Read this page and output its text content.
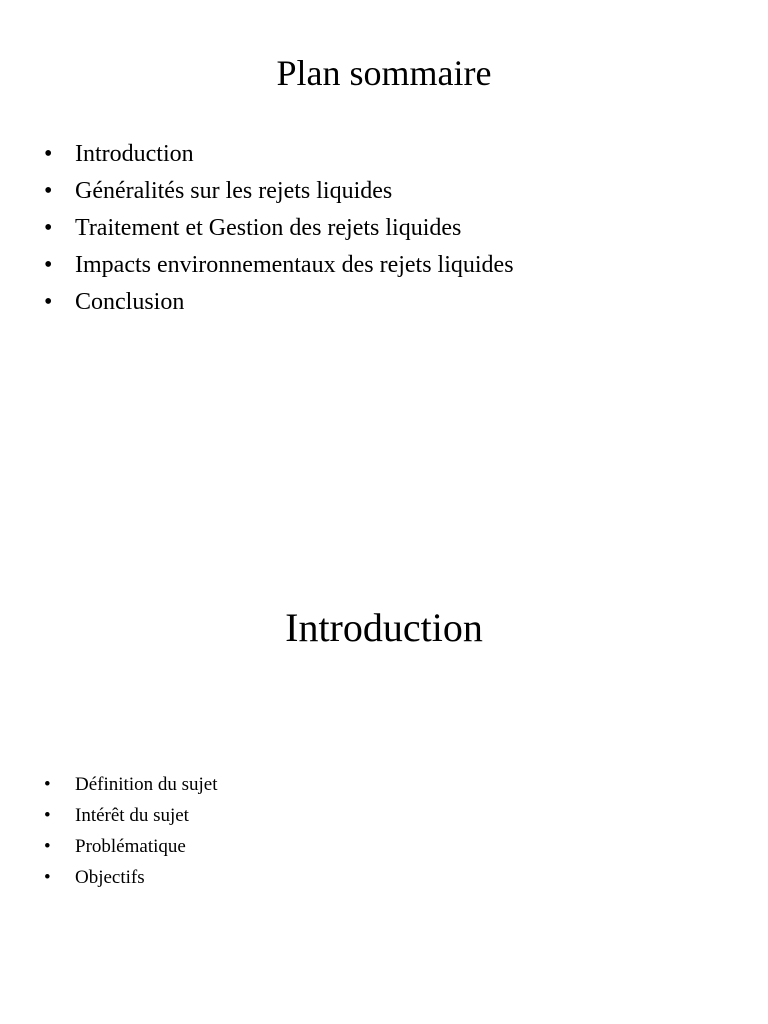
Plan sommaire
• Introduction
• Généralités sur les rejets liquides
• Traitement et Gestion des rejets liquides
• Impacts environnementaux des rejets liquides
• Conclusion
Introduction
• Définition du sujet
• Intérêt du sujet
• Problématique
• Objectifs
